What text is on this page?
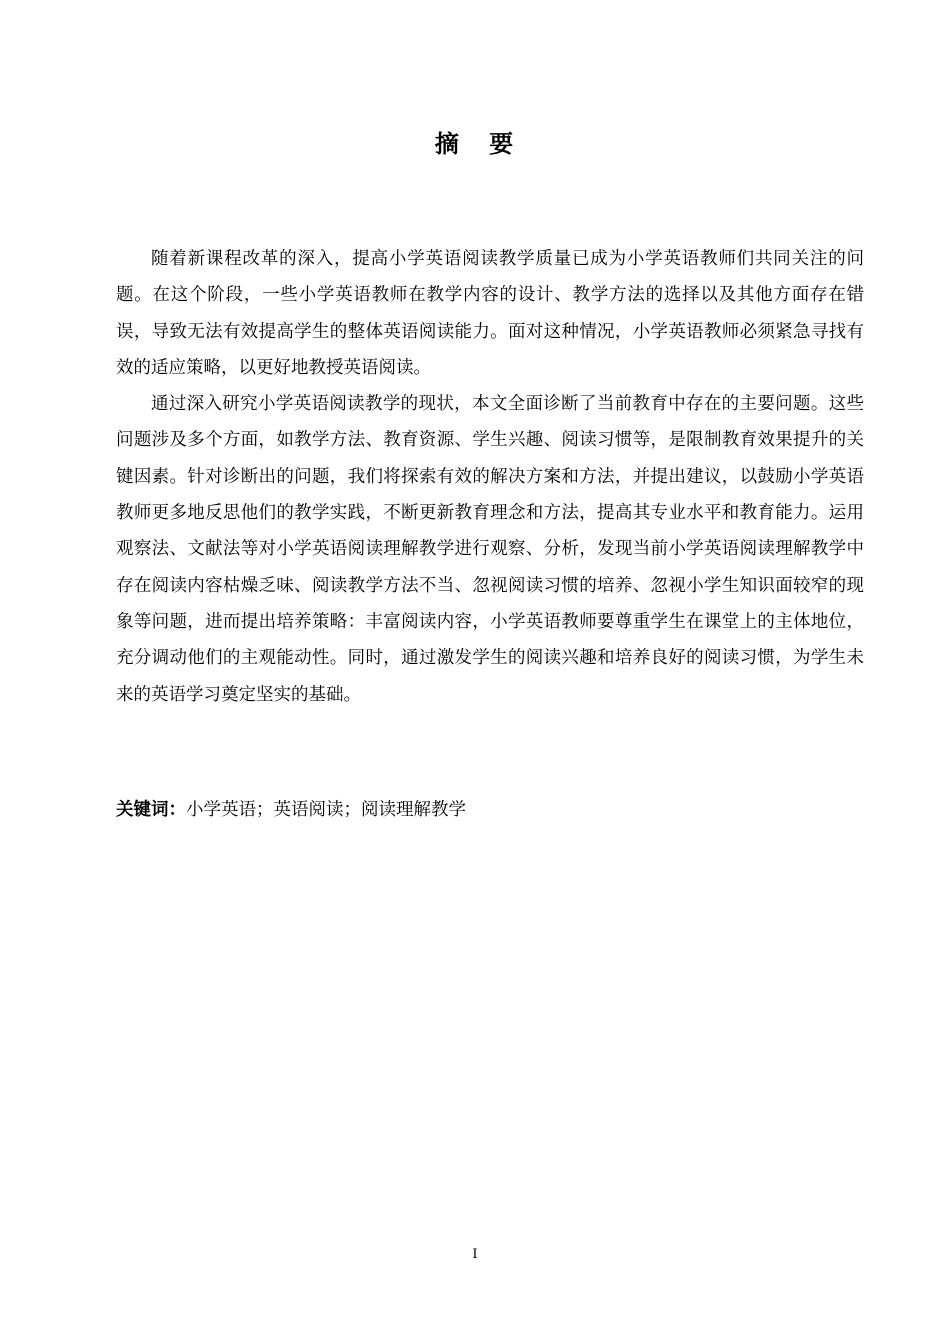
摘 要

随着新课程改革的深入，提高小学英语阅读教学质量已成为小学英语教师们共同关注的问题。在这个阶段，一些小学英语教师在教学内容的设计、教学方法的选择以及其他方面存在错误，导致无法有效提高学生的整体英语阅读能力。面对这种情况，小学英语教师必须紧急寻找有效的适应策略，以更好地教授英语阅读。

通过深入研究小学英语阅读教学的现状，本文全面诊断了当前教育中存在的主要问题。这些问题涉及多个方面，如教学方法、教育资源、学生兴趣、阅读习惯等，是限制教育效果提升的关键因素。针对诊断出的问题，我们将探索有效的解决方案和方法，并提出建议，以鼓励小学英语教师更多地反思他们的教学实践，不断更新教育理念和方法，提高其专业水平和教育能力。运用观察法、文献法等对小学英语阅读理解教学进行观察、分析，发现当前小学英语阅读理解教学中存在阅读内容枯燥乏味、阅读教学方法不当、忽视阅读习惯的培养、忽视小学生知识面较窄的现象等问题，进而提出培养策略：丰富阅读内容，小学英语教师要尊重学生在课堂上的主体地位，充分调动他们的主观能动性。同时，通过激发学生的阅读兴趣和培养良好的阅读习惯，为学生未来的英语学习奠定坚实的基础。

关键词：小学英语；英语阅读；阅读理解教学
I
